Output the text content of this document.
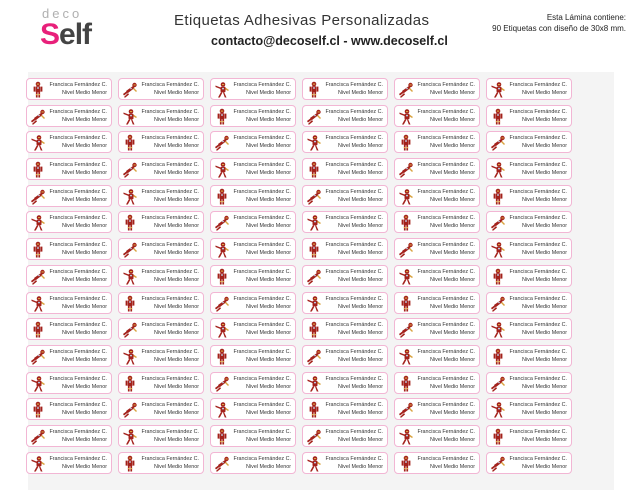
deco
Self	Etiquetas Adhesivas Personalizadas
contacto@decoself.cl - www.decoself.cl
Esta Lámina contiene:
90 Etiquetas con diseño de 30x8 mm.
Francisca Fernández C.
Nivel Medio Menor
Francisca Fernández C.
Nivel Medio Menor
Francisca Fernández C.
Nivel Medio Menor
Francisca Fernández C.
Nivel Medio Menor
Francisca Fernández C.
Nivel Medio Menor
Francisca Fernández C.
Nivel Medio Menor
Francisca Fernández C.
Nivel Medio Menor
Francisca Fernández C.
Nivel Medio Menor
Francisca Fernández C.
Nivel Medio Menor
Francisca Fernández C.
Nivel Medio Menor
Francisca Fernández C.
Nivel Medio Menor
Francisca Fernández C.
Nivel Medio Menor
Francisca Fernández C.
Nivel Medio Menor
Francisca Fernández C.
Nivel Medio Menor
Francisca Fernández C.
Nivel Medio Menor
Francisca Fernández C.
Nivel Medio Menor
Francisca Fernández C.
Nivel Medio Menor
Francisca Fernández C.
Nivel Medio Menor
Francisca Fernández C.
Nivel Medio Menor
Francisca Fernández C.
Nivel Medio Menor
Francisca Fernández C.
Nivel Medio Menor
Francisca Fernández C.
Nivel Medio Menor
Francisca Fernández C.
Nivel Medio Menor
Francisca Fernández C.
Nivel Medio Menor
Francisca Fernández C.
Nivel Medio Menor
Francisca Fernández C.
Nivel Medio Menor
Francisca Fernández C.
Nivel Medio Menor
Francisca Fernández C.
Nivel Medio Menor
Francisca Fernández C.
Nivel Medio Menor
Francisca Fernández C.
Nivel Medio Menor
Francisca Fernández C.
Nivel Medio Menor
Francisca Fernández C.
Nivel Medio Menor
Francisca Fernández C.
Nivel Medio Menor
Francisca Fernández C.
Nivel Medio Menor
Francisca Fernández C.
Nivel Medio Menor
Francisca Fernández C.
Nivel Medio Menor
Francisca Fernández C.
Nivel Medio Menor
Francisca Fernández C.
Nivel Medio Menor
Francisca Fernández C.
Nivel Medio Menor
Francisca Fernández C.
Nivel Medio Menor
Francisca Fernández C.
Nivel Medio Menor
Francisca Fernández C.
Nivel Medio Menor
Francisca Fernández C.
Nivel Medio Menor
Francisca Fernández C.
Nivel Medio Menor
Francisca Fernández C.
Nivel Medio Menor
Francisca Fernández C.
Nivel Medio Menor
Francisca Fernández C.
Nivel Medio Menor
Francisca Fernández C.
Nivel Medio Menor
Francisca Fernández C.
Nivel Medio Menor
Francisca Fernández C.
Nivel Medio Menor
Francisca Fernández C.
Nivel Medio Menor
Francisca Fernández C.
Nivel Medio Menor
Francisca Fernández C.
Nivel Medio Menor
Francisca Fernández C.
Nivel Medio Menor
Francisca Fernández C.
Nivel Medio Menor
Francisca Fernández C.
Nivel Medio Menor
Francisca Fernández C.
Nivel Medio Menor
Francisca Fernández C.
Nivel Medio Menor
Francisca Fernández C.
Nivel Medio Menor
Francisca Fernández C.
Nivel Medio Menor
Francisca Fernández C.
Nivel Medio Menor
Francisca Fernández C.
Nivel Medio Menor
Francisca Fernández C.
Nivel Medio Menor
Francisca Fernández C.
Nivel Medio Menor
Francisca Fernández C.
Nivel Medio Menor
Francisca Fernández C.
Nivel Medio Menor
Francisca Fernández C.
Nivel Medio Menor
Francisca Fernández C.
Nivel Medio Menor
Francisca Fernández C.
Nivel Medio Menor
Francisca Fernández C.
Nivel Medio Menor
Francisca Fernández C.
Nivel Medio Menor
Francisca Fernández C.
Nivel Medio Menor
Francisca Fernández C.
Nivel Medio Menor
Francisca Fernández C.
Nivel Medio Menor
Francisca Fernández C.
Nivel Medio Menor
Francisca Fernández C.
Nivel Medio Menor
Francisca Fernández C.
Nivel Medio Menor
Francisca Fernández C.
Nivel Medio Menor
Francisca Fernández C.
Nivel Medio Menor
Francisca Fernández C.
Nivel Medio Menor
Francisca Fernández C.
Nivel Medio Menor
Francisca Fernández C.
Nivel Medio Menor
Francisca Fernández C.
Nivel Medio Menor
Francisca Fernández C.
Nivel Medio Menor
Francisca Fernández C.
Nivel Medio Menor
Francisca Fernández C.
Nivel Medio Menor
Francisca Fernández C.
Nivel Medio Menor
Francisca Fernández C.
Nivel Medio Menor
Francisca Fernández C.
Nivel Medio Menor
Francisca Fernández C.
Nivel Medio Menor
